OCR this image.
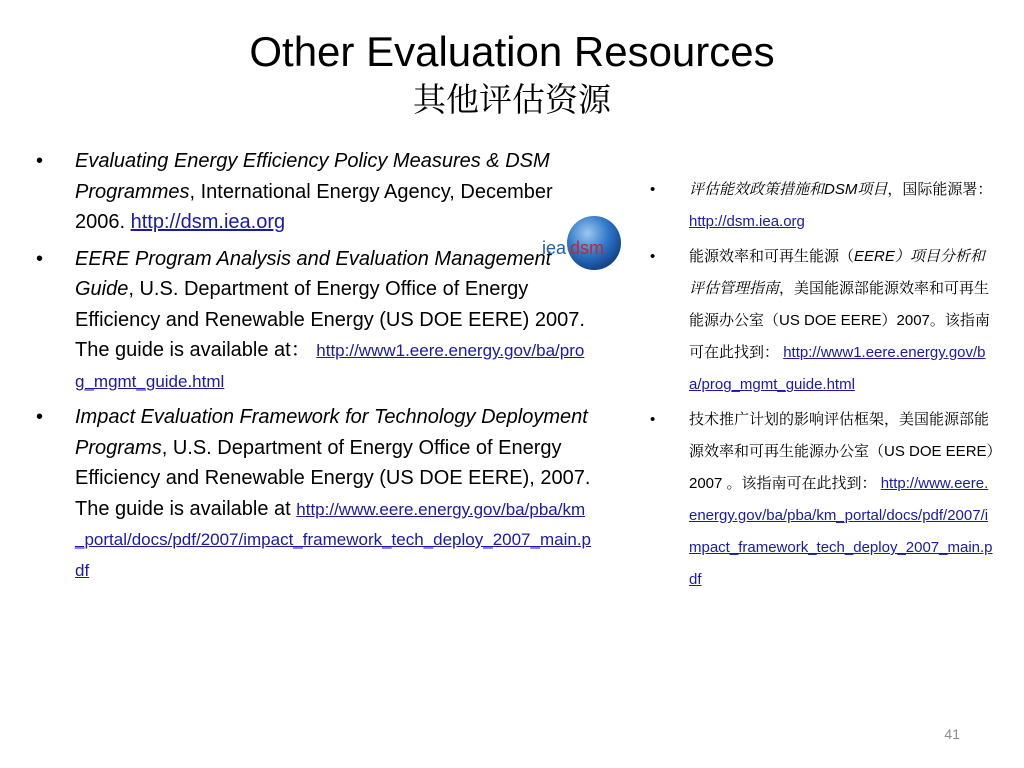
Other Evaluation Resources
其他评估资源
• Evaluating Energy Efficiency Policy Measures & DSM Programmes, International Energy Agency, December 2006. http://dsm.iea.org
• EERE Program Analysis and Evaluation Management Guide, U.S. Department of Energy Office of Energy Efficiency and Renewable Energy (US DOE EERE) 2007. The guide is available at： http://www1.eere.energy.gov/ba/prog_mgmt_guide.html
• Impact Evaluation Framework for Technology Deployment Programs, U.S. Department of Energy Office of Energy Efficiency and Renewable Energy (US DOE EERE), 2007. The guide is available at http://www.eere.energy.gov/ba/pba/km_portal/docs/pdf/2007/impact_framework_tech_deploy_2007_main.pdf
iea dsm
• 评估能效政策措施和DSM项目，国际能源署：http://dsm.iea.org
• 能源效率和可再生能源（EERE）项目分析和评估管理指南，美国能源部能源效率和可再生能源办公室（US DOE EERE）2007。该指南可在此找到： http://www1.eere.energy.gov/ba/prog_mgmt_guide.html
• 技术推广计划的影响评估框架，美国能源部能源效率和可再生能源办公室（US DOE EERE）2007 。该指南可在此找到： http://www.eere.energy.gov/ba/pba/km_portal/docs/pdf/2007/impact_framework_tech_deploy_2007_main.pdf
41
